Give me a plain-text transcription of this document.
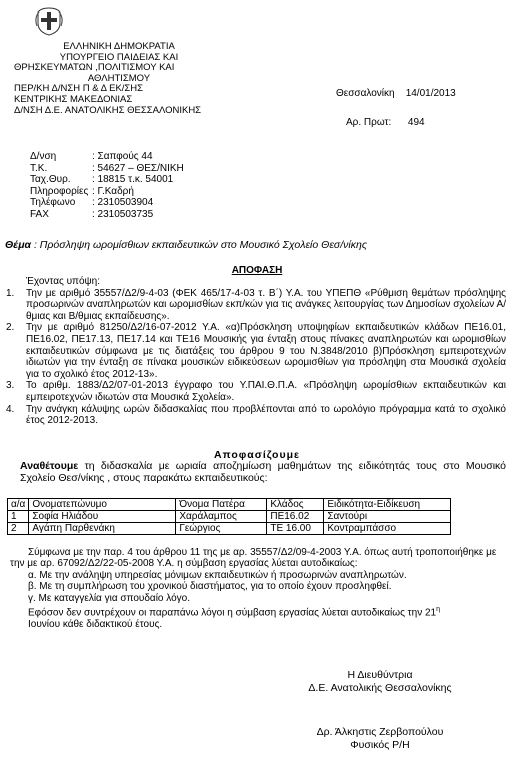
ΕΛΛΗΝΙΚΗ ΔΗΜΟΚΡΑΤΙΑ
ΥΠΟΥΡΓΕΙΟ ΠΑΙΔΕΙΑΣ ΚΑΙ
ΘΡΗΣΚΕΥΜΑΤΩΝ ,ΠΟΛΙΤΙΣΜΟΥ ΚΑΙ
ΑΘΛΗΤΙΣΜΟΥ
ΠΕΡ/ΚΗ Δ/ΝΣΗ Π & Δ ΕΚ/ΣΗΣ
ΚΕΝΤΡΙΚΗΣ ΜΑΚΕΔΟΝΙΑΣ
Δ/ΝΣΗ Δ.Ε. ΑΝΑΤΟΛΙΚΗΣ ΘΕΣΣΑΛΟΝΙΚΗΣ
Θεσσαλονίκη 14/01/2013
Αρ. Πρωτ: 494
Δ/νση	: Σαπφούς 44
Τ.Κ.	: 54627 – ΘΕΣ/ΝΙΚΗ
Ταχ.Θυρ.	: 18815 τ.κ. 54001
Πληροφορίες : Γ.Καδρή
Τηλέφωνο	: 2310503904
FAX	: 2310503735
Θέμα : Πρόσληψη ωρομίσθιων εκπαιδευτικών στο Μουσικό Σχολείο Θεσ/νίκης
ΑΠΟΦΑΣΗ
Έχοντας υπόψη:
1.	Την με αριθμό 35557/Δ2/9-4-03 (ΦΕΚ 465/17-4-03 τ. Β΄) Υ.Α. του ΥΠΕΠΘ «Ρύθμιση θεμάτων πρόσληψης προσωρινών αναπληρωτών και ωρομισθίων εκπ/κών για τις ανάγκες λειτουργίας των Δημοσίων σχολείων Α/θμιας και Β/θμιας εκπαίδευσης».
2.	Την με αριθμό 81250/Δ2/16-07-2012 Υ.Α. «α)Πρόσκληση υποψηφίων εκπαιδευτικών κλάδων ΠΕ16.01, ΠΕ16.02, ΠΕ17.13, ΠΕ17.14 και ΤΕ16 Μουσικής για ένταξη στους πίνακες αναπληρωτών και ωρομισθίων εκπαιδευτικών σύμφωνα με τις διατάξεις του άρθρου 9 του Ν.3848/2010 β)Πρόσκληση εμπειροτεχνών ιδιωτών για την ένταξη σε πίνακα μουσικών ειδικεύσεων ωρομισθίων για πρόσληψη στα Μουσικά σχολεία για το σχολικό έτος 2012-13».
3.	Το αριθμ. 1883/Δ2/07-01-2013 έγγραφο του Υ.ΠΑΙ.Θ.Π.Α. «Πρόσληψη ωρομίσθιων εκπαιδευτικών και εμπειροτεχνών ιδιωτών στα Μουσικά Σχολεία».
4.	Την ανάγκη κάλυψης ωρών διδασκαλίας που προβλέπονται από το ωρολόγιο πρόγραμμα κατά το σχολικό έτος 2012-2013.
Αποφασίζουμε
Αναθέτουμε τη διδασκαλία με ωριαία αποζημίωση μαθημάτων της ειδικότητάς τους στο Μουσικό Σχολείο Θεσ/νίκης , στους παρακάτω εκπαιδευτικούς:
α/α	Ονοματεπώνυμο	Όνομα Πατέρα	Κλάδος	Ειδικότητα-Ειδίκευση
1	Σοφία Ηλιάδου	Χαράλαμπος	ΠΕ16.02	Σαντούρι
2	Αγάπη Παρθενάκη	Γεώργιος	ΤΕ 16.00	Κοντραμπάσσο

Σύμφωνα με την παρ. 4 του άρθρου 11 της με αρ. 35557/Δ2/09-4-2003 Υ.Α. όπως αυτή τροποποιήθηκε με την με αρ. 67092/Δ2/22-05-2008 Υ.Α. η σύμβαση εργασίας λύεται αυτοδικαίως:

α. Με την ανάληψη υπηρεσίας μόνιμων εκπαιδευτικών ή προσωρινών αναπληρωτών.

β. Με τη συμπλήρωση του χρονικού διαστήματος, για το οποίο έχουν προσληφθεί.

γ. Με καταγγελία για σπουδαίο λόγο.

Εφόσον δεν συντρέχουν οι παραπάνω λόγοι η σύμβαση εργασίας λύεται αυτοδικαίως την $21^\eta$
Ιουνίου κάθε διδακτικού έτους.

Η Διευθύντρια
Δ.Ε. Ανατολικής Θεσσαλονίκης
Δρ. Άλκηστις Ζερβοπούλου
Φυσικός Ρ/Η
